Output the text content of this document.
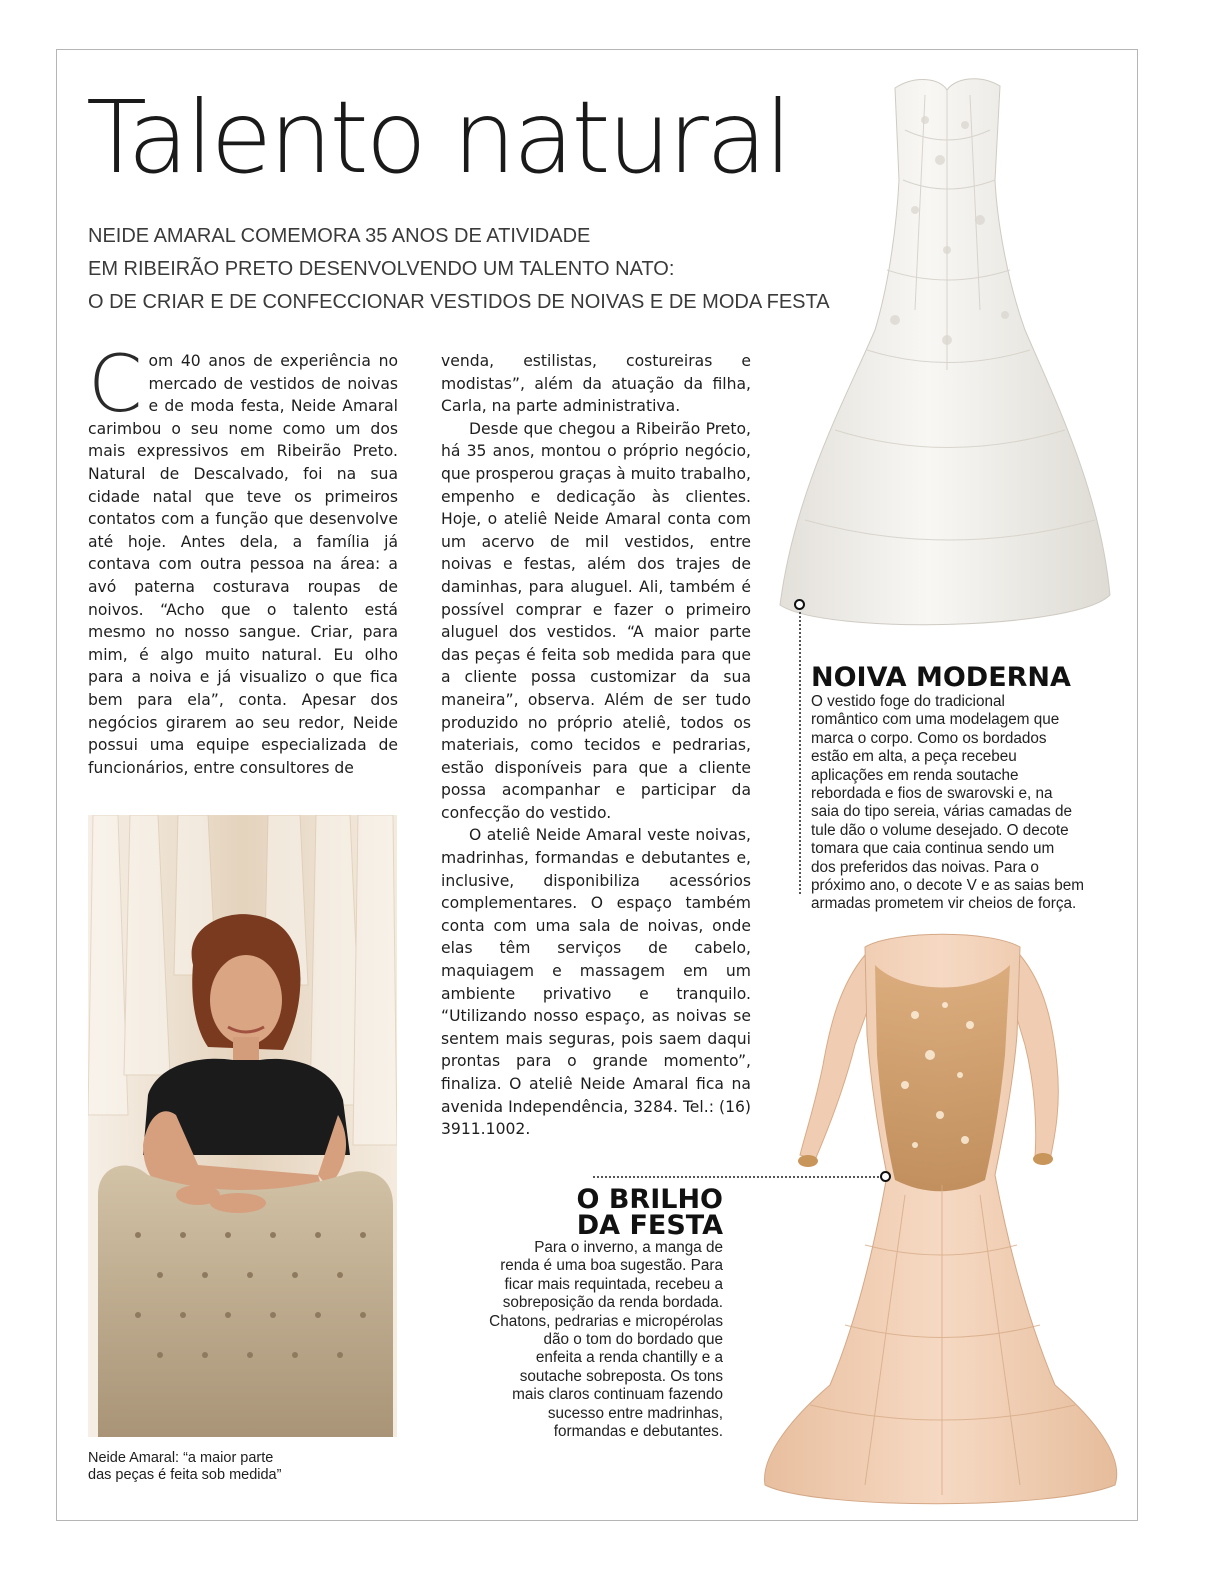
Talento natural
NEIDE AMARAL COMEMORA 35 ANOS DE ATIVIDADE
EM RIBEIRÃO PRETO DESENVOLVENDO UM TALENTO NATO:
O DE CRIAR E DE CONFECCIONAR VESTIDOS DE NOIVAS E DE MODA FESTA
C om 40 anos de experiência no mercado de vestidos de noivas e de moda festa, Neide Amaral carimbou o seu nome como um dos mais expressivos em Ribeirão Preto. Natural de Descalvado, foi na sua cidade natal que teve os primeiros contatos com a função que desenvolve até hoje. Antes dela, a família já contava com outra pessoa na área: a avó paterna costurava roupas de noivos. “Acho que o talento está mesmo no nosso sangue. Criar, para mim, é algo muito natural. Eu olho para a noiva e já visualizo o que fica bem para ela”, conta. Apesar dos negócios girarem ao seu redor, Neide possui uma equipe especializada de funcionários, entre consultores de

venda, estilistas, costureiras e modistas”, além da atuação da filha, Carla, na parte administrativa.

Desde que chegou a Ribeirão Preto, há 35 anos, montou o próprio negócio, que prosperou graças à muito trabalho, empenho e dedicação às clientes. Hoje, o ateliê Neide Amaral conta com um acervo de mil vestidos, entre noivas e festas, além dos trajes de daminhas, para aluguel. Ali, também é possível comprar e fazer o primeiro aluguel dos vestidos. “A maior parte das peças é feita sob medida para que a cliente possa customizar da sua maneira”, observa. Além de ser tudo produzido no próprio ateliê, todos os materiais, como tecidos e pedrarias, estão disponíveis para que a cliente possa acompanhar e participar da confecção do vestido.

O ateliê Neide Amaral veste noivas, madrinhas, formandas e debutantes e, inclusive, disponibiliza acessórios complementares. O espaço também conta com uma sala de noivas, onde elas têm serviços de cabelo, maquiagem e massagem em um ambiente privativo e tranquilo. “Utilizando nosso espaço, as noivas se sentem mais seguras, pois saem daqui prontas para o grande momento”, finaliza. O ateliê Neide Amaral fica na avenida Independência, 3284. Tel.: (16) 3911.1002.

Neide Amaral: “a maior parte
das peças é feita sob medida”
NOIVA MODERNA
O vestido foge do tradicional
romântico com uma modelagem que
marca o corpo. Como os bordados
estão em alta, a peça recebeu
aplicações em renda soutache
rebordada e fios de swarovski e, na
saia do tipo sereia, várias camadas de
tule dão o volume desejado. O decote
tomara que caia continua sendo um
dos preferidos das noivas. Para o
próximo ano, o decote V e as saias bem
armadas prometem vir cheios de força.
O BRILHO
DA FESTA
Para o inverno, a manga de
renda é uma boa sugestão. Para
ficar mais requintada, recebeu a
sobreposição da renda bordada.
Chatons, pedrarias e micropérolas
dão o tom do bordado que
enfeita a renda chantilly e a
soutache sobreposta. Os tons
mais claros continuam fazendo
sucesso entre madrinhas,
formandas e debutantes.
